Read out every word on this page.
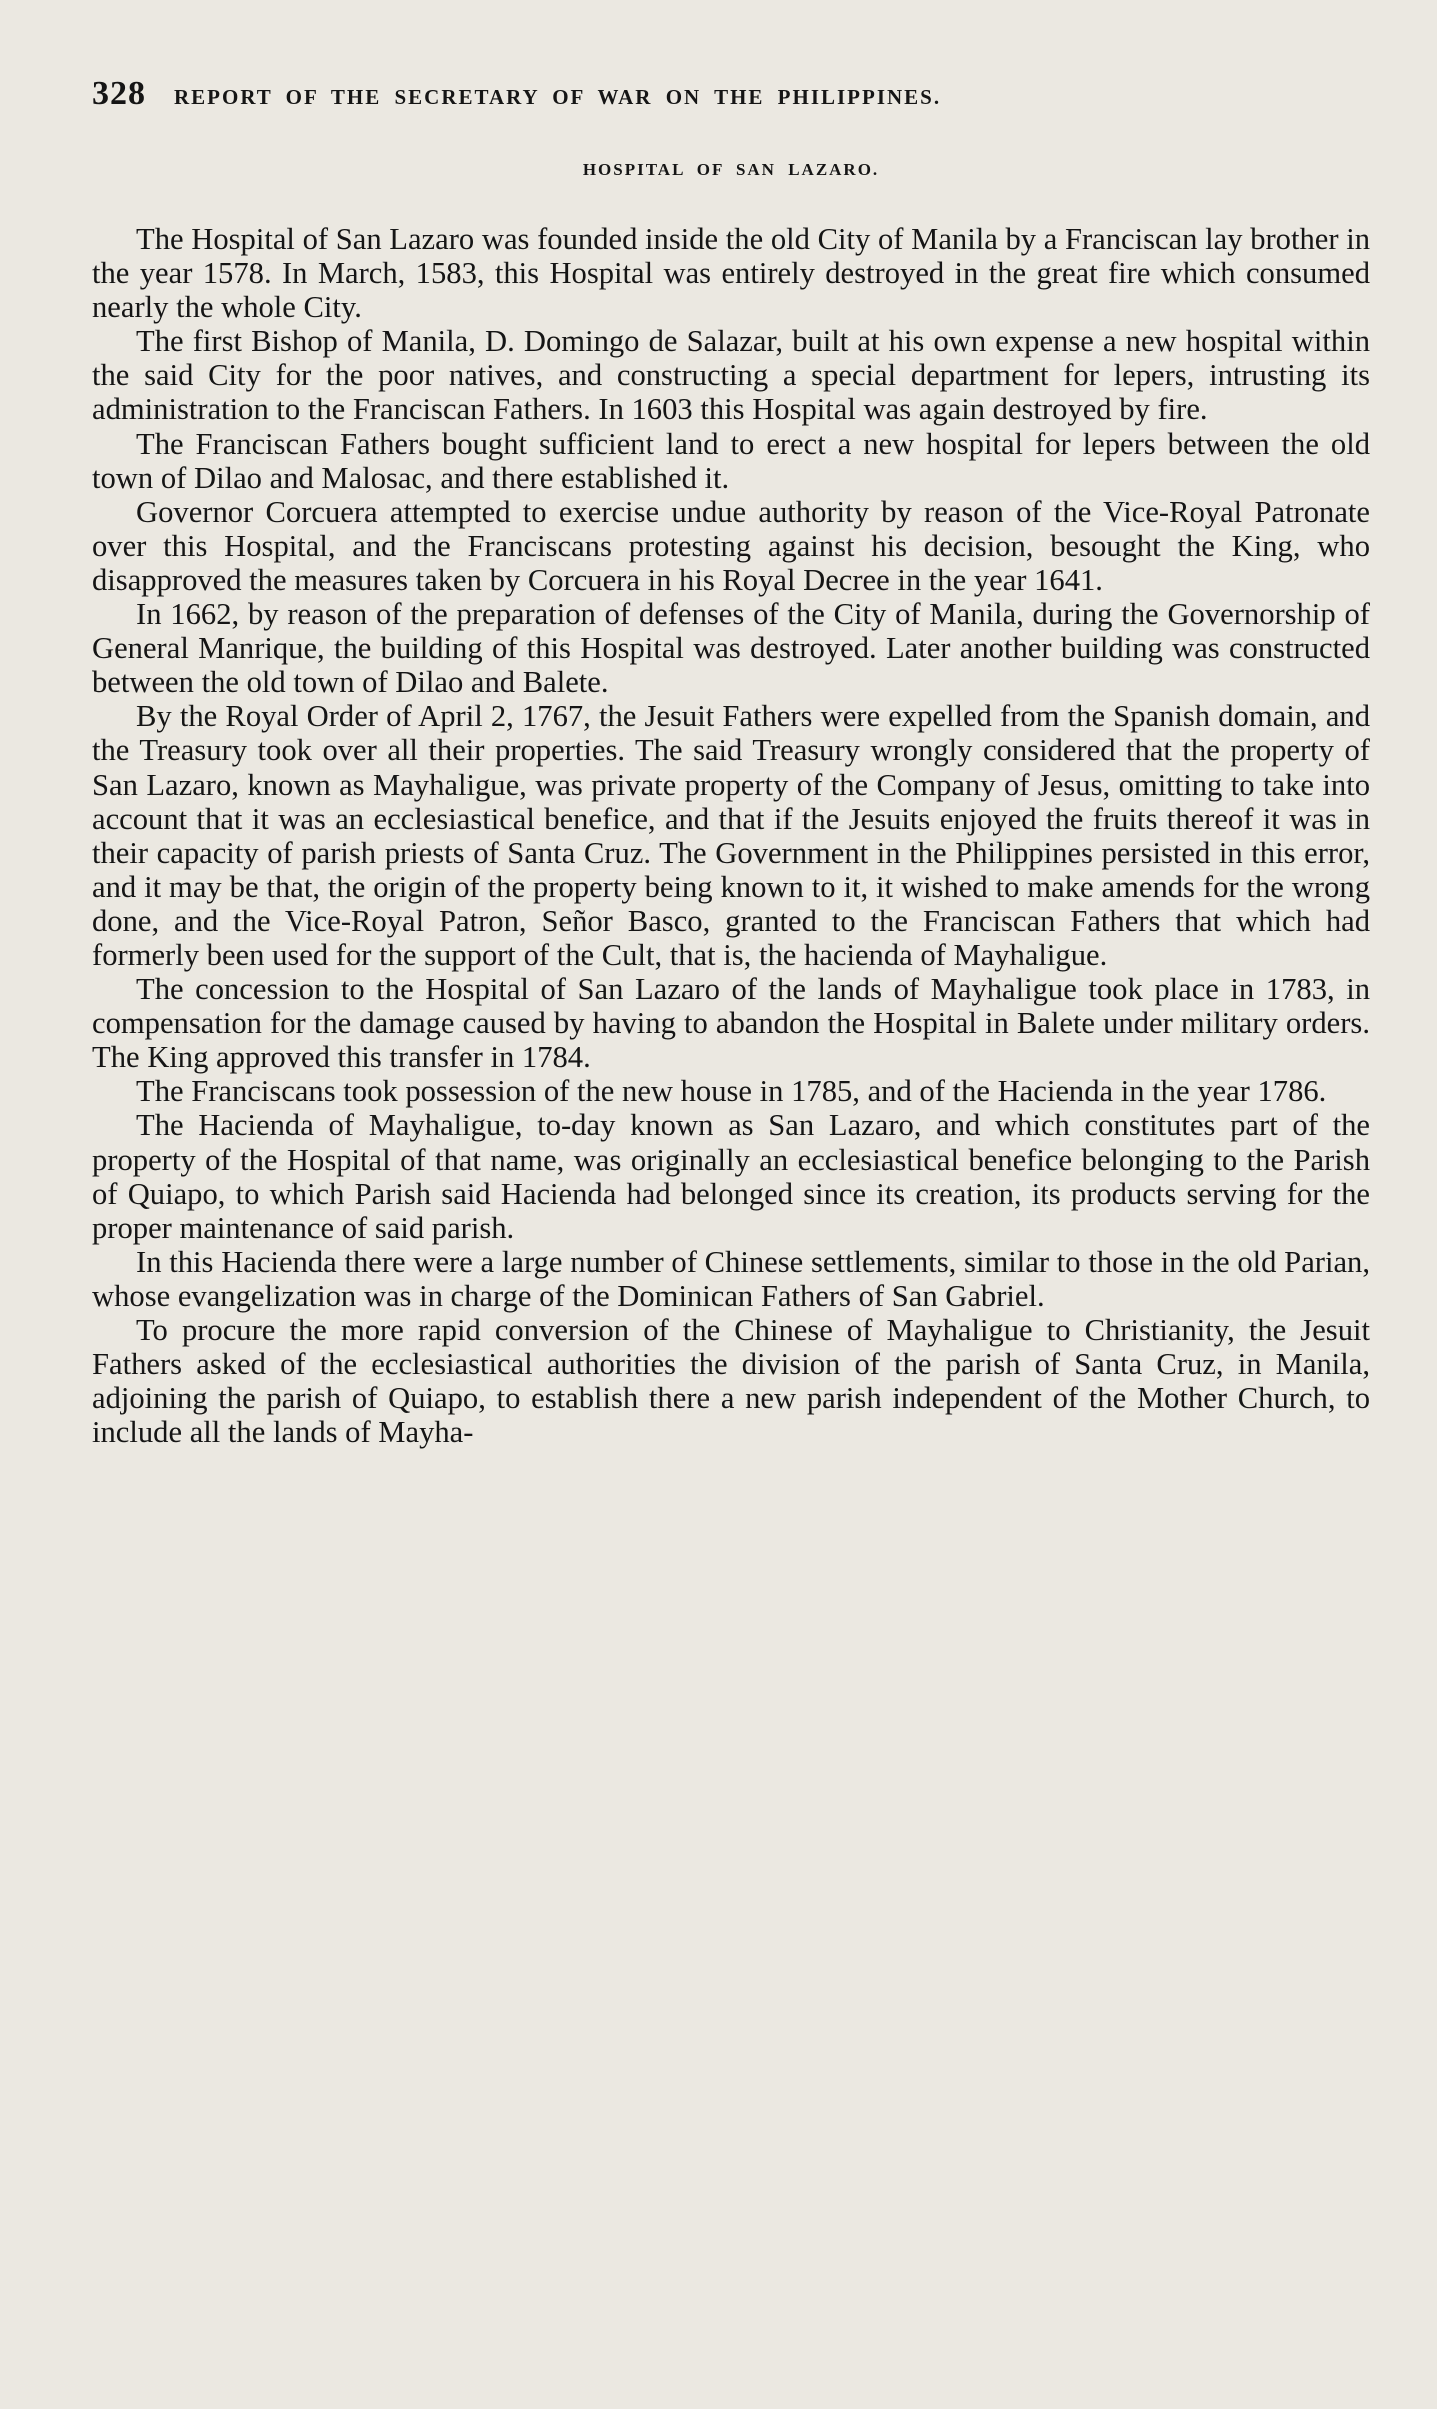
328 REPORT OF THE SECRETARY OF WAR ON THE PHILIPPINES.
HOSPITAL OF SAN LAZARO.

The Hospital of San Lazaro was founded inside the old City of Manila by a Franciscan lay brother in the year 1578. In March, 1583, this Hospital was entirely destroyed in the great fire which consumed nearly the whole City.

The first Bishop of Manila, D. Domingo de Salazar, built at his own expense a new hospital within the said City for the poor natives, and constructing a special department for lepers, intrusting its administration to the Franciscan Fathers. In 1603 this Hospital was again destroyed by fire.

The Franciscan Fathers bought sufficient land to erect a new hospital for lepers between the old town of Dilao and Malosac, and there established it.

Governor Corcuera attempted to exercise undue authority by reason of the Vice-Royal Patronate over this Hospital, and the Franciscans protesting against his decision, besought the King, who disapproved the measures taken by Corcuera in his Royal Decree in the year 1641.

In 1662, by reason of the preparation of defenses of the City of Manila, during the Governorship of General Manrique, the building of this Hospital was destroyed. Later another building was constructed between the old town of Dilao and Balete.

By the Royal Order of April 2, 1767, the Jesuit Fathers were expelled from the Spanish domain, and the Treasury took over all their properties. The said Treasury wrongly considered that the property of San Lazaro, known as Mayhaligue, was private property of the Company of Jesus, omitting to take into account that it was an ecclesiastical benefice, and that if the Jesuits enjoyed the fruits thereof it was in their capacity of parish priests of Santa Cruz. The Government in the Philippines persisted in this error, and it may be that, the origin of the property being known to it, it wished to make amends for the wrong done, and the Vice-Royal Patron, Señor Basco, granted to the Franciscan Fathers that which had formerly been used for the support of the Cult, that is, the hacienda of Mayhaligue.

The concession to the Hospital of San Lazaro of the lands of Mayhaligue took place in 1783, in compensation for the damage caused by having to abandon the Hospital in Balete under military orders. The King approved this transfer in 1784.

The Franciscans took possession of the new house in 1785, and of the Hacienda in the year 1786.

The Hacienda of Mayhaligue, to-day known as San Lazaro, and which constitutes part of the property of the Hospital of that name, was originally an ecclesiastical benefice belonging to the Parish of Quiapo, to which Parish said Hacienda had belonged since its creation, its products serving for the proper maintenance of said parish.

In this Hacienda there were a large number of Chinese settlements, similar to those in the old Parian, whose evangelization was in charge of the Dominican Fathers of San Gabriel.

To procure the more rapid conversion of the Chinese of Mayhaligue to Christianity, the Jesuit Fathers asked of the ecclesiastical authorities the division of the parish of Santa Cruz, in Manila, adjoining the parish of Quiapo, to establish there a new parish independent of the Mother Church, to include all the lands of Mayha-
